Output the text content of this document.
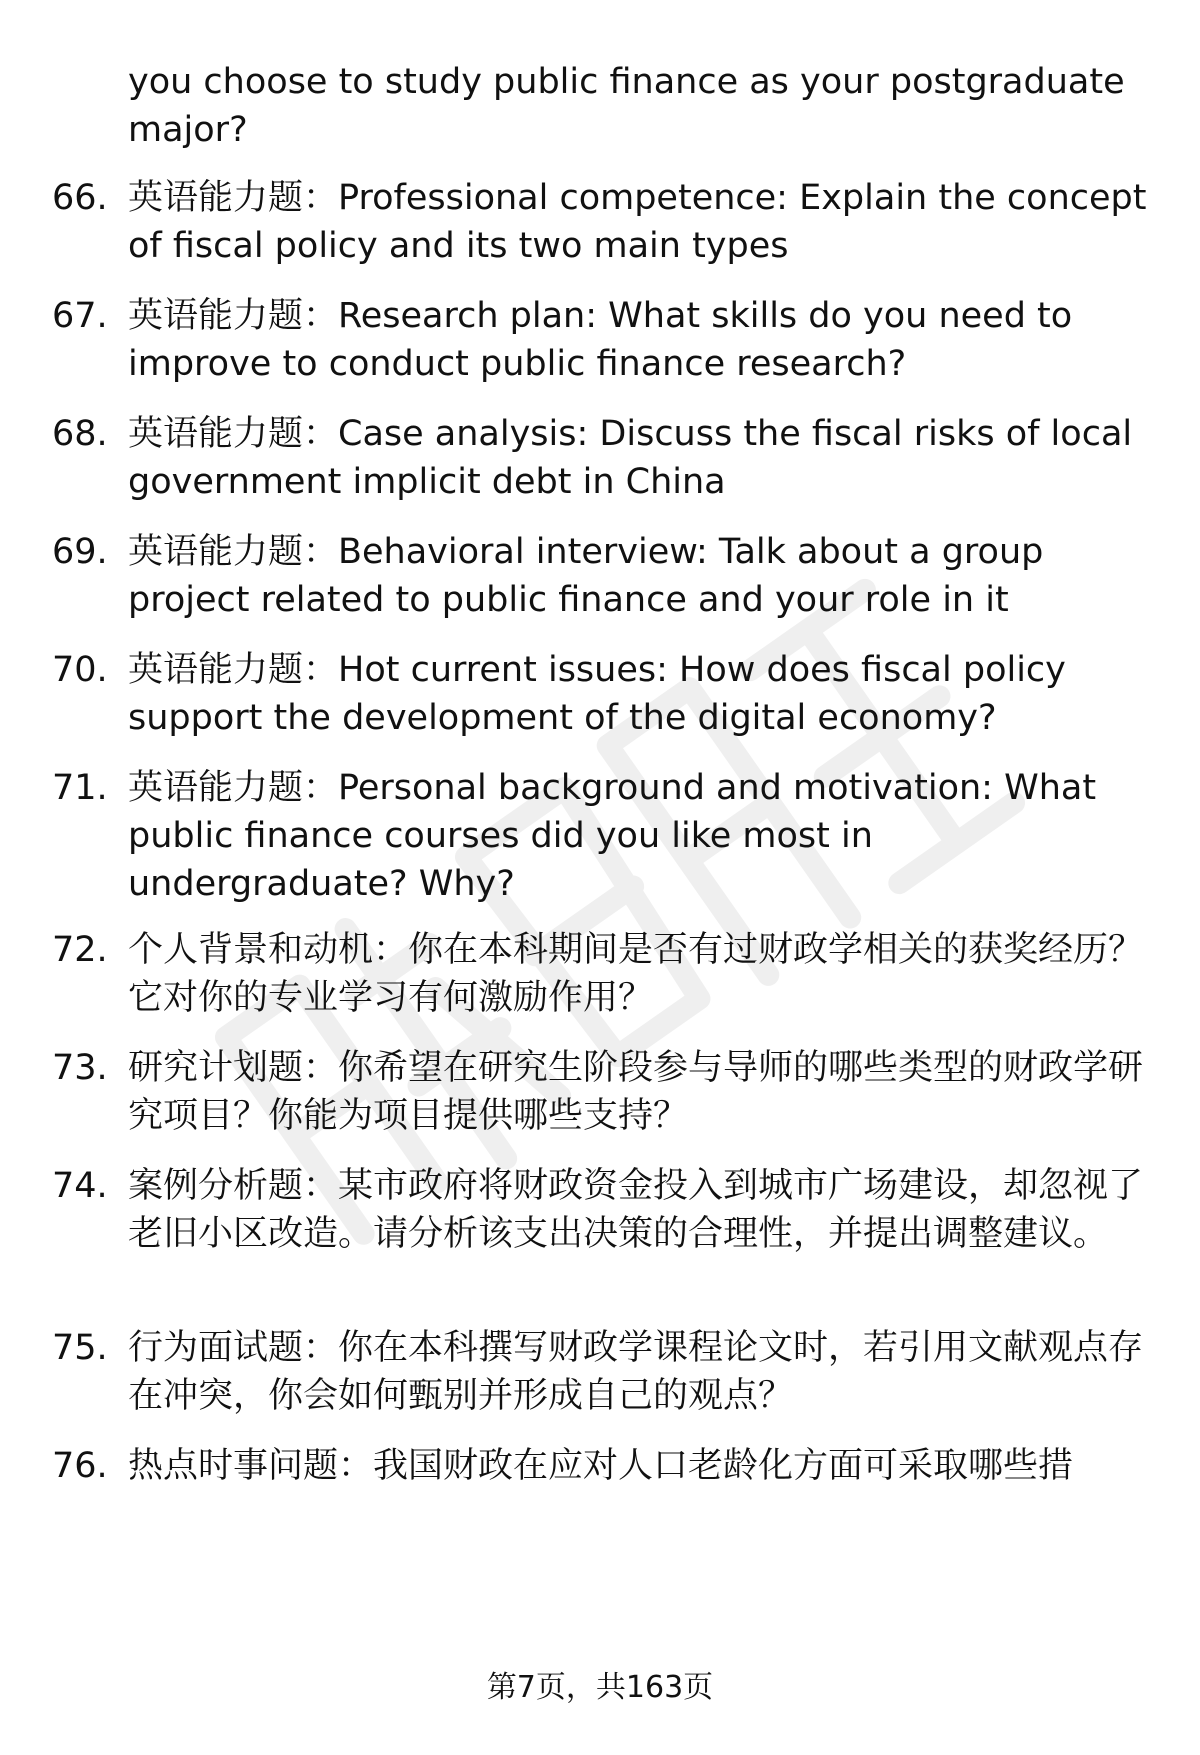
you choose to study public finance as your postgraduate major?
66. 英语能力题：Professional competence: Explain the concept of fiscal policy and its two main types
67. 英语能力题：Research plan: What skills do you need to improve to conduct public finance research?
68. 英语能力题：Case analysis: Discuss the fiscal risks of local government implicit debt in China
69. 英语能力题：Behavioral interview: Talk about a group project related to public finance and your role in it
70. 英语能力题：Hot current issues: How does fiscal policy support the development of the digital economy?
71. 英语能力题：Personal background and motivation: What public finance courses did you like most in undergraduate? Why?
72. 个人背景和动机：你在本科期间是否有过财政学相关的获奖经历？它对你的专业学习有何激励作用？
73. 研究计划题：你希望在研究生阶段参与导师的哪些类型的财政学研究项目？你能为项目提供哪些支持？
74. 案例分析题：某市政府将财政资金投入到城市广场建设，却忽视了老旧小区改造。请分析该支出决策的合理性，并提出调整建议。
75. 行为面试题：你在本科撰写财政学课程论文时，若引用文献观点存在冲突，你会如何甄别并形成自己的观点？
76. 热点时事问题：我国财政在应对人口老龄化方面可采取哪些措
第7页，共163页
